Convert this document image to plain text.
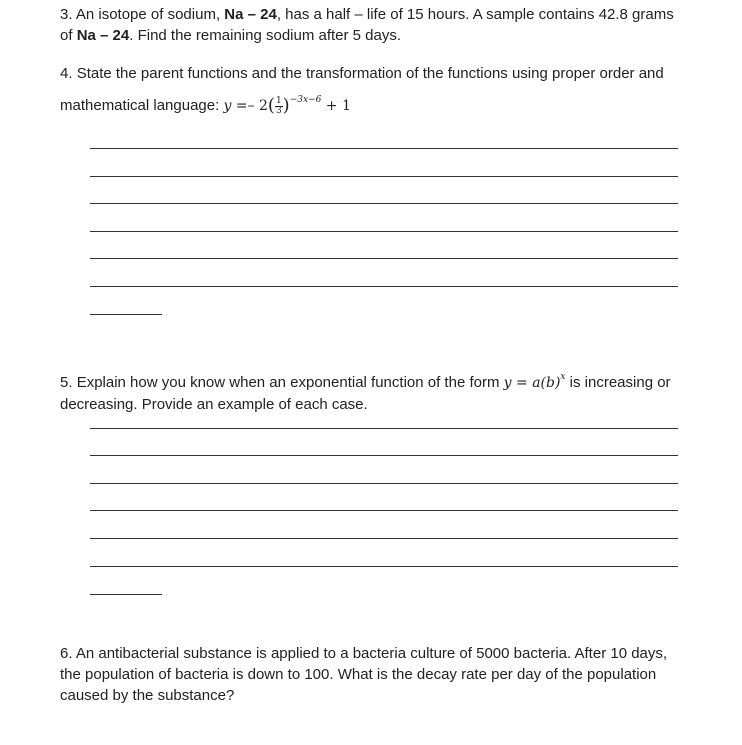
3. An isotope of sodium, Na – 24, has a half – life of 15 hours. A sample contains 42.8 grams of Na – 24. Find the remaining sodium after 5 days.
4. State the parent functions and the transformation of the functions using proper order and mathematical language: $y =- 2( \frac{1}{3} )^{-3x-6} + 1$
5. Explain how you know when an exponential function of the form $y = a(b)^x$ is increasing or decreasing. Provide an example of each case.
6. An antibacterial substance is applied to a bacteria culture of 5000 bacteria. After 10 days, the population of bacteria is down to 100. What is the decay rate per day of the population caused by the substance?
